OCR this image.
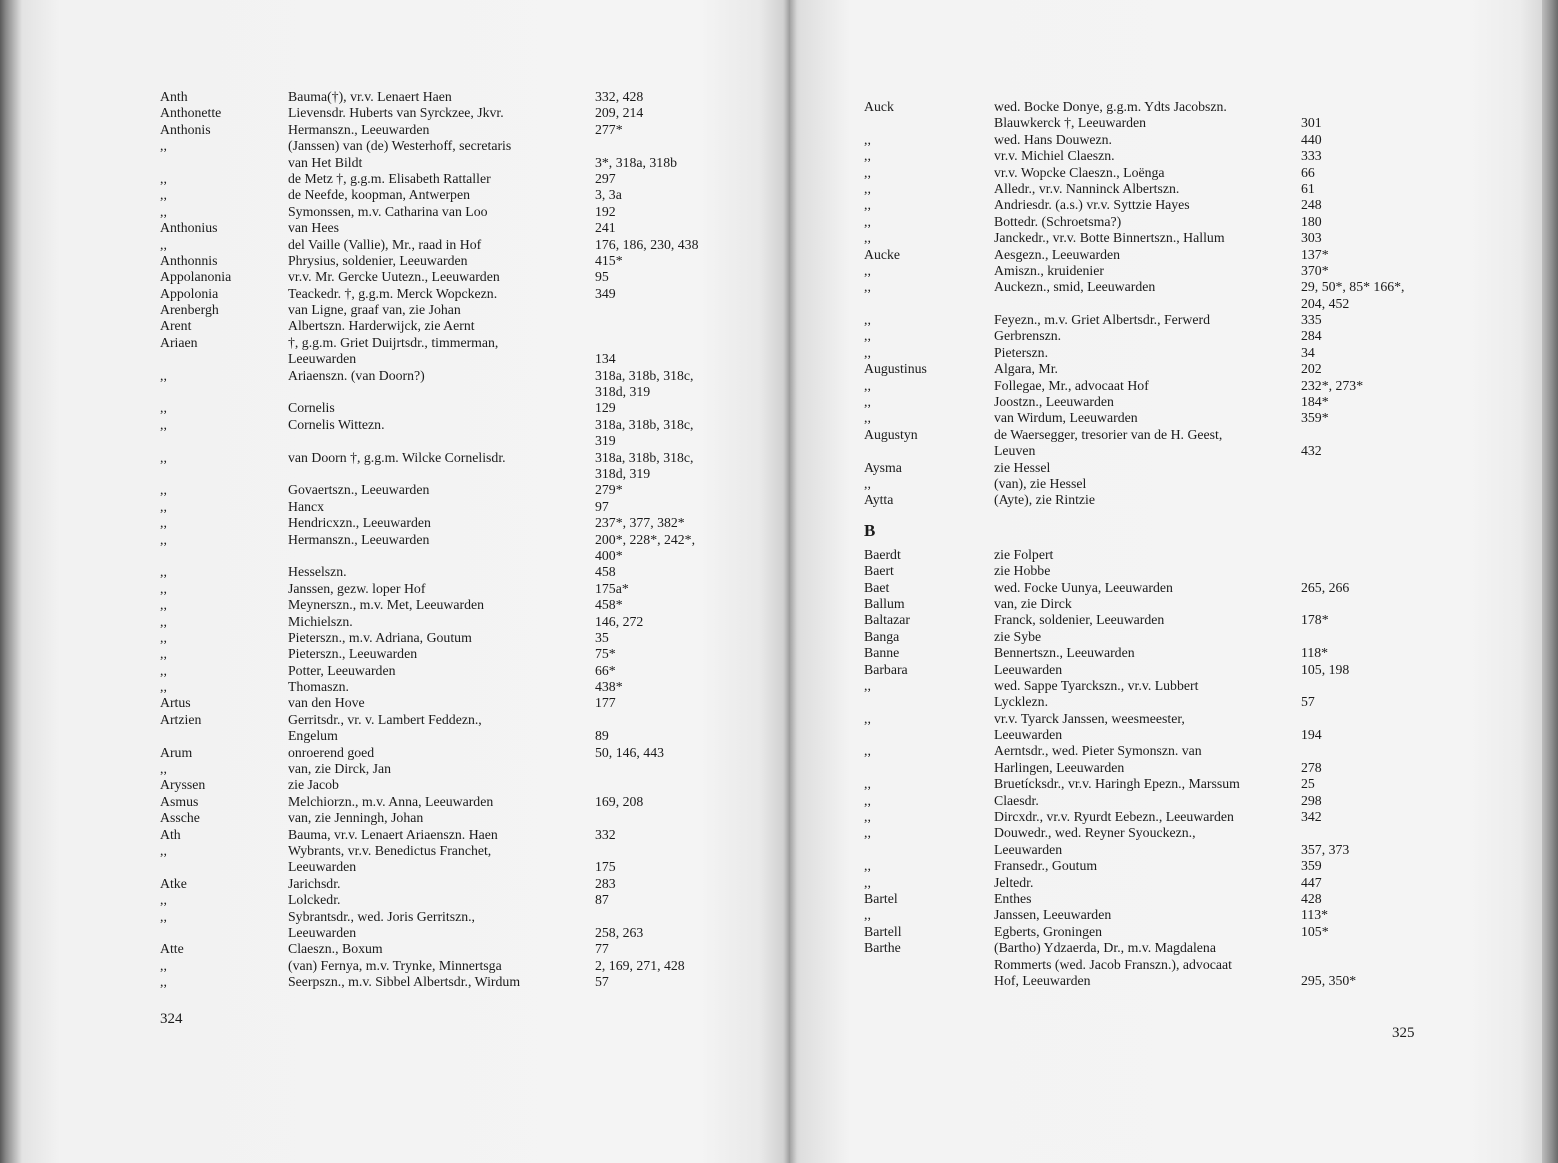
Anth	Bauma(†), vr.v. Lenaert Haen	332, 428
Anthonette	Lievensdr. Huberts van Syrckzee, Jkvr.	209, 214
Anthonis	Hermanszn., Leeuwarden	277*
,,	(Janssen) van (de) Westerhoff, secretaris
van Het Bildt	3*, 318a, 318b
,,	de Metz †, g.g.m. Elisabeth Rattaller	297
,,	de Neefde, koopman, Antwerpen	3, 3a
,,	Symonssen, m.v. Catharina van Loo	192
Anthonius	van Hees	241
,,	del Vaille (Vallie), Mr., raad in Hof	176, 186, 230, 438
Anthonnis	Phrysius, soldenier, Leeuwarden	415*
Appolanonia	vr.v. Mr. Gercke Uutezn., Leeuwarden	95
Appolonia	Teackedr. †, g.g.m. Merck Wopckezn.	349
Arenbergh	van Ligne, graaf van, zie Johan
Arent	Albertszn. Harderwijck, zie Aernt
Ariaen	†, g.g.m. Griet Duijrtsdr., timmerman,
Leeuwarden	134
,,	Ariaenszn. (van Doorn?)	318a, 318b, 318c,
318d, 319
,,	Cornelis	129
,,	Cornelis Wittezn.	318a, 318b, 318c,
319
,,	van Doorn †, g.g.m. Wilcke Cornelisdr.	318a, 318b, 318c,
318d, 319
,,	Govaertszn., Leeuwarden	279*
,,	Hancx	97
,,	Hendricxzn., Leeuwarden	237*, 377, 382*
,,	Hermanszn., Leeuwarden	200*, 228*, 242*,
400*
,,	Hesselszn.	458
,,	Janssen, gezw. loper Hof	175a*
,,	Meynerszn., m.v. Met, Leeuwarden	458*
,,	Michielszn.	146, 272
,,	Pieterszn., m.v. Adriana, Goutum	35
,,	Pieterszn., Leeuwarden	75*
,,	Potter, Leeuwarden	66*
,,	Thomaszn.	438*
Artus	van den Hove	177
Artzien	Gerritsdr., vr. v. Lambert Feddezn.,
Engelum	89
Arum	onroerend goed	50, 146, 443
,,	van, zie Dirck, Jan
Aryssen	zie Jacob
Asmus	Melchiorzn., m.v. Anna, Leeuwarden	169, 208
Assche	van, zie Jenningh, Johan
Ath	Bauma, vr.v. Lenaert Ariaenszn. Haen	332
,,	Wybrants, vr.v. Benedictus Franchet,
Leeuwarden	175
Atke	Jarichsdr.	283
,,	Lolckedr.	87
,,	Sybrantsdr., wed. Joris Gerritszn.,
Leeuwarden	258, 263
Atte	Claeszn., Boxum	77
,,	(van) Fernya, m.v. Trynke, Minnertsga	2, 169, 271, 428
,,	Seerpszn., m.v. Sibbel Albertsdr., Wirdum	57
324
Auck	wed. Bocke Donye, g.g.m. Ydts Jacobszn.
Blauwkerck †, Leeuwarden	301
,,	wed. Hans Douwezn.	440
,,	vr.v. Michiel Claeszn.	333
,,	vr.v. Wopcke Claeszn., Loënga	66
,,	Alledr., vr.v. Nanninck Albertszn.	61
,,	Andriesdr. (a.s.) vr.v. Syttzie Hayes	248
,,	Bottedr. (Schroetsma?)	180
,,	Janckedr., vr.v. Botte Binnertszn., Hallum	303
Aucke	Aesgezn., Leeuwarden	137*
,,	Amiszn., kruidenier	370*
,,	Auckezn., smid, Leeuwarden	29, 50*, 85* 166*,
204, 452
,,	Feyezn., m.v. Griet Albertsdr., Ferwerd	335
,,	Gerbrenszn.	284
,,	Pieterszn.	34
Augustinus	Algara, Mr.	202
,,	Follegae, Mr., advocaat Hof	232*, 273*
,,	Joostzn., Leeuwarden	184*
,,	van Wirdum, Leeuwarden	359*
Augustyn	de Waersegger, tresorier van de H. Geest,
Leuven	432
Aysma	zie Hessel
,,	(van), zie Hessel
Aytta	(Ayte), zie Rintzie
B
Baerdt	zie Folpert
Baert	zie Hobbe
Baet	wed. Focke Uunya, Leeuwarden	265, 266
Ballum	van, zie Dirck
Baltazar	Franck, soldenier, Leeuwarden	178*
Banga	zie Sybe
Banne	Bennertszn., Leeuwarden	118*
Barbara	Leeuwarden	105, 198
,,	wed. Sappe Tyarckszn., vr.v. Lubbert
Lycklezn.	57
,,	vr.v. Tyarck Janssen, weesmeester,
Leeuwarden	194
,,	Aerntsdr., wed. Pieter Symonszn. van
Harlingen, Leeuwarden	278
,,	Bruetícksdr., vr.v. Haringh Epezn., Marssum	25
,,	Claesdr.	298
,,	Dircxdr., vr.v. Ryurdt Eebezn., Leeuwarden	342
,,	Douwedr., wed. Reyner Syouckezn.,
Leeuwarden	357, 373
,,	Fransedr., Goutum	359
,,	Jeltedr.	447
Bartel	Enthes	428
,,	Janssen, Leeuwarden	113*
Bartell	Egberts, Groningen	105*
Barthe	(Bartho) Ydzaerda, Dr., m.v. Magdalena
Rommerts (wed. Jacob Franszn.), advocaat
Hof, Leeuwarden	295, 350*
325
